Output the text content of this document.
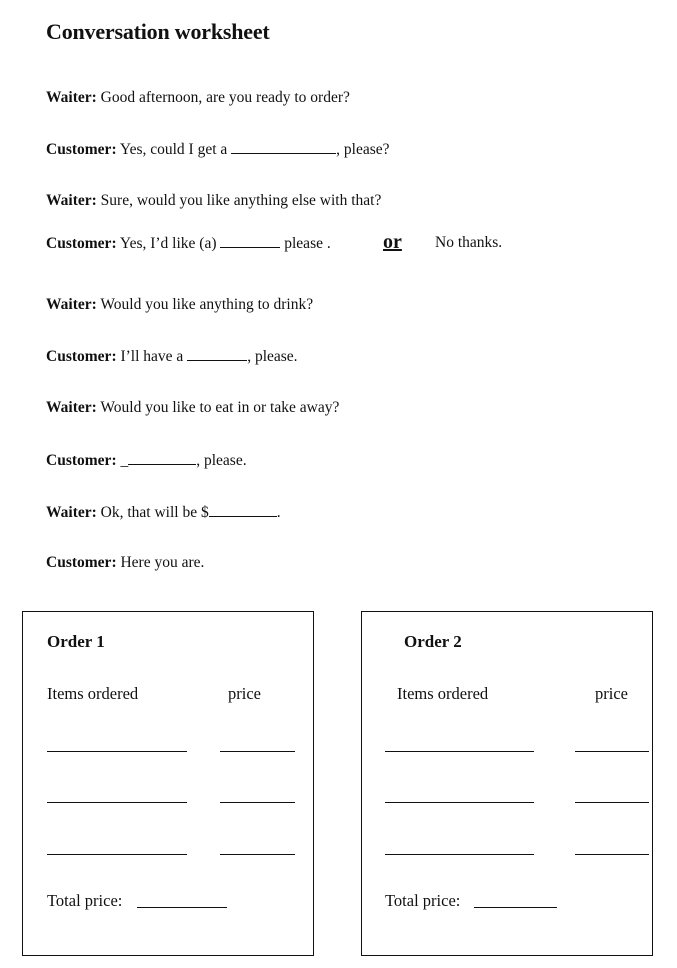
Conversation worksheet
Waiter : Good afternoon, are you ready to order?
Customer : Yes, could I get a	, please?
Waiter : Sure, would you like anything else with that?
Customer : Yes, I’d like (a)	please .	or No thanks.
Waiter : Would you like anything to drink?
Customer : I’ll have a	, please.
Waiter : Would you like to eat in or take away?
Customer : _	, please.
Waiter : Ok, that will be $	.
Customer : Here you are.
Order 1
Items ordered	price
Total price:
Order 2
Items ordered	price
Total price:
